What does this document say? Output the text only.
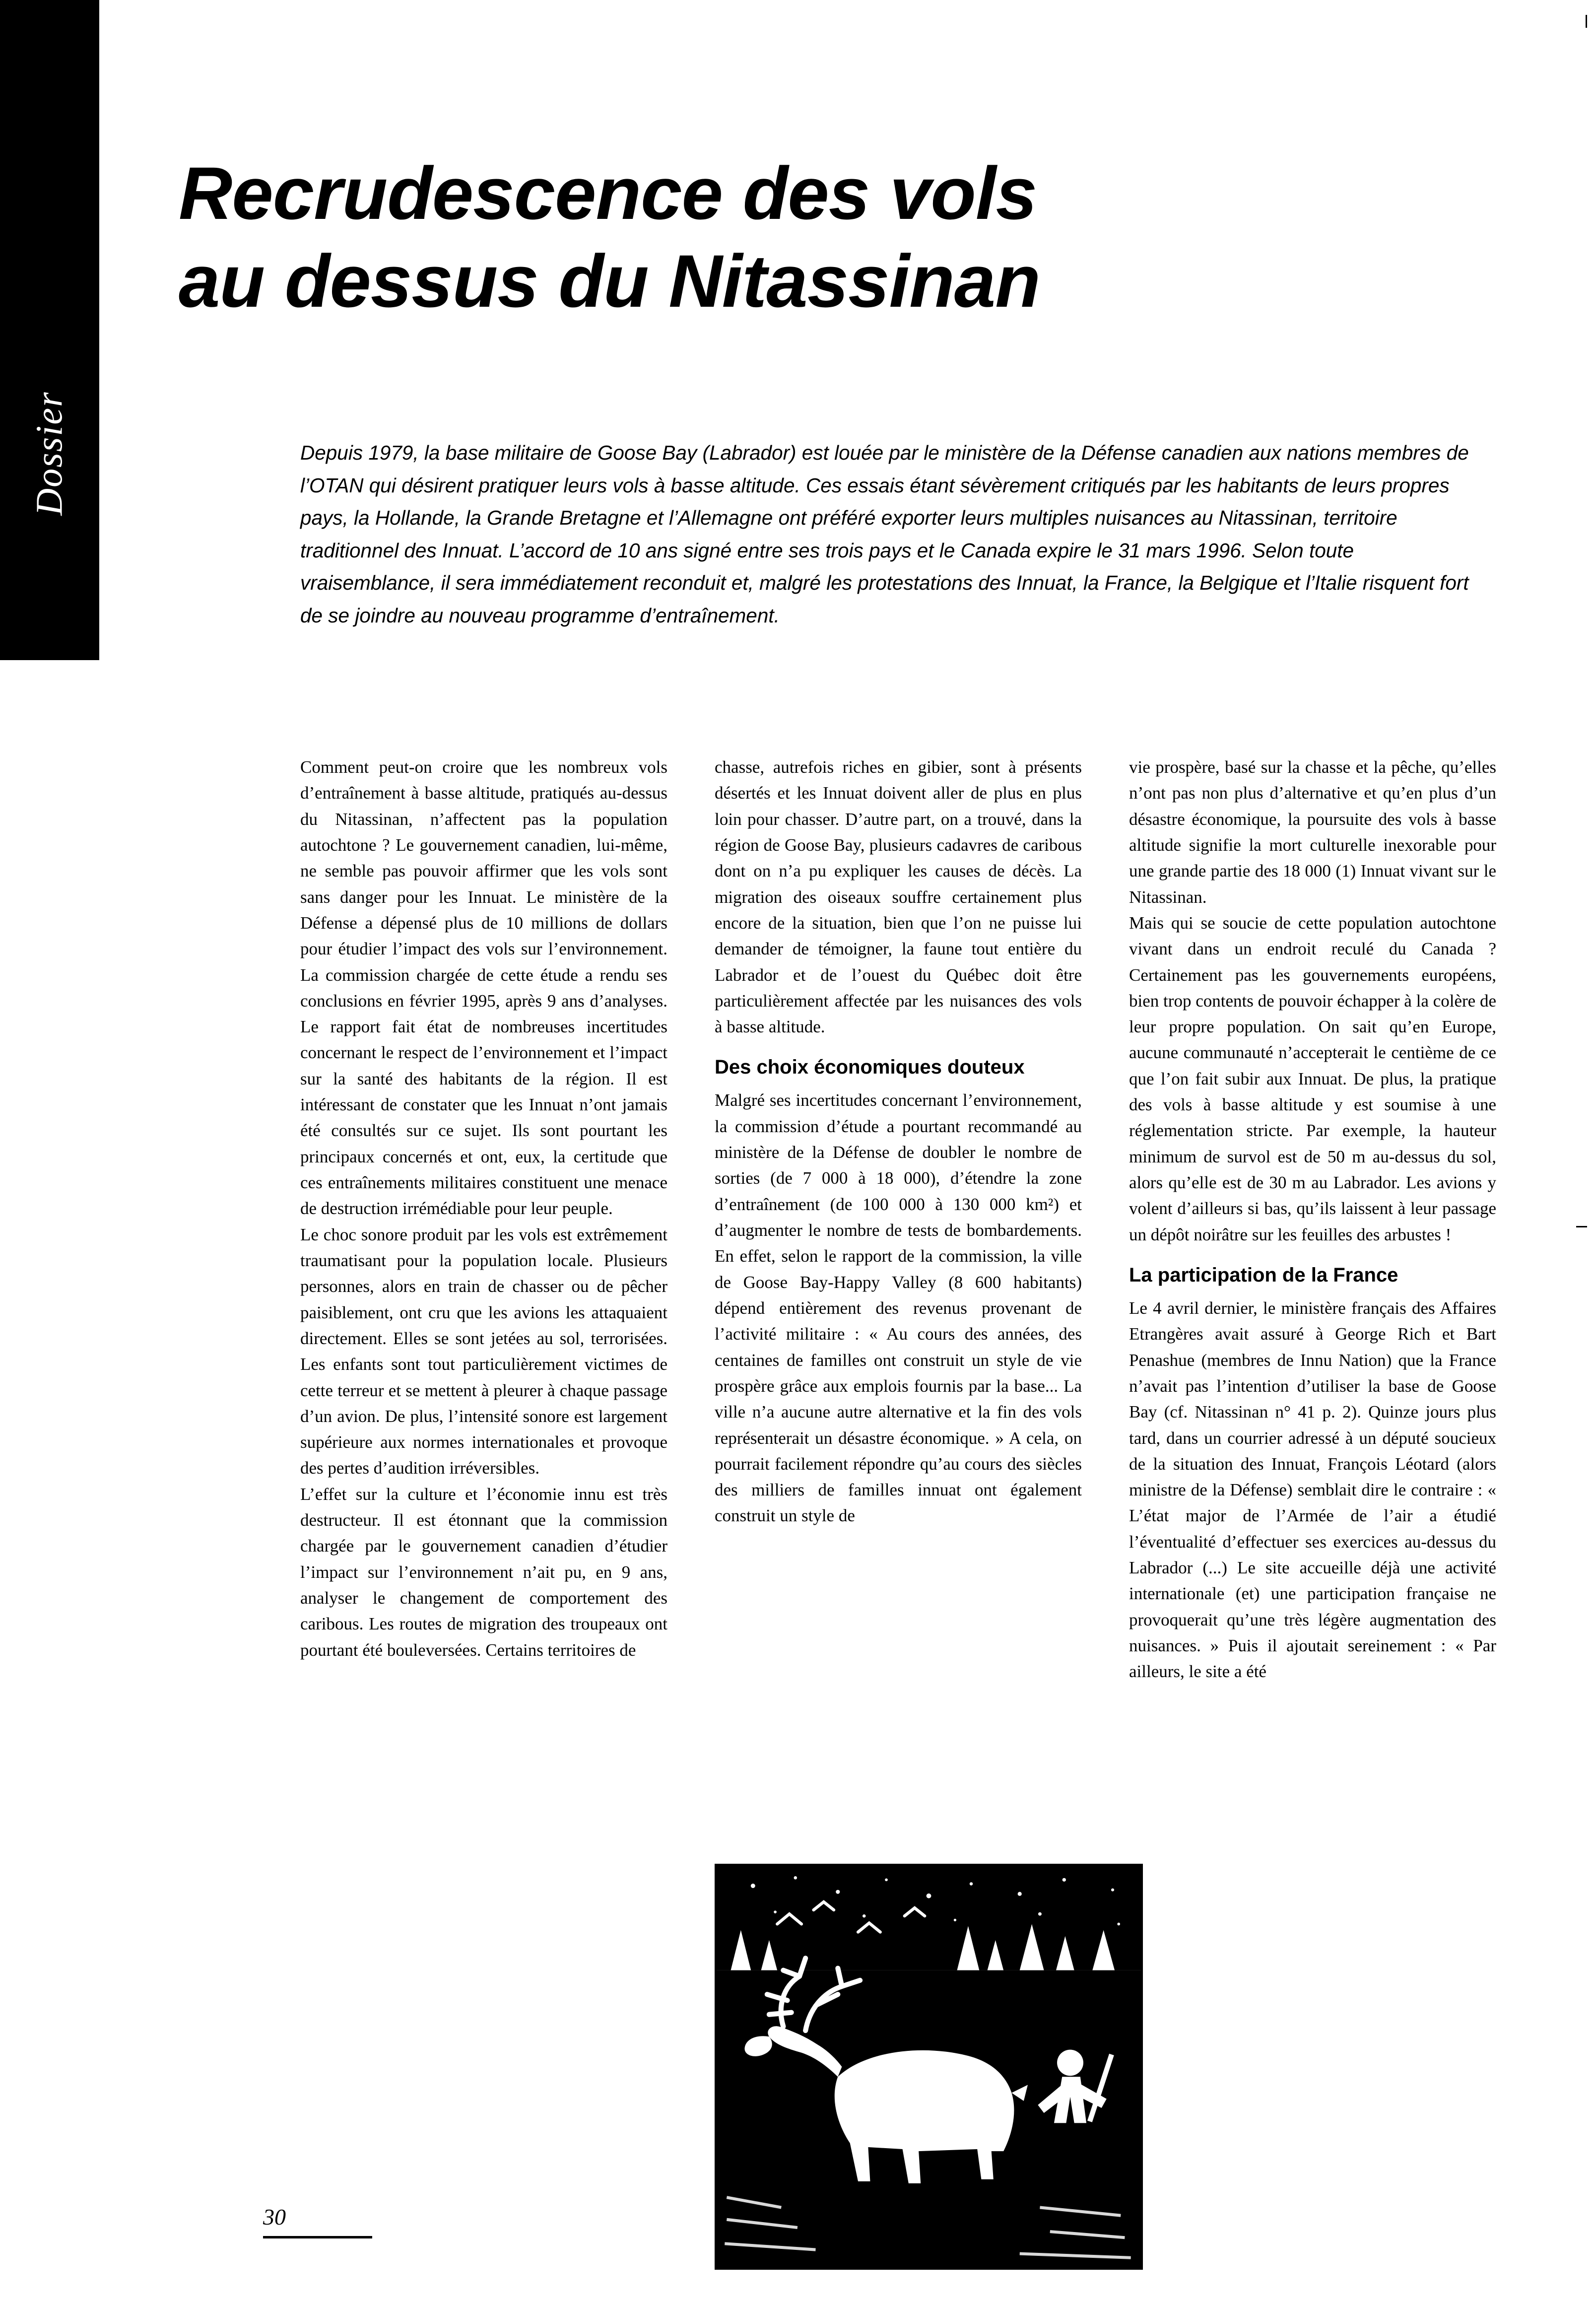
Dossier
Recrudescence des vols
au dessus du Nitassinan
Depuis 1979, la base militaire de Goose Bay (Labrador) est louée par le ministère de la Défense canadien aux nations membres de l’OTAN qui désirent pratiquer leurs vols à basse altitude. Ces essais étant sévèrement critiqués par les habitants de leurs propres pays, la Hollande, la Grande Bretagne et l’Allemagne ont préféré exporter leurs multiples nuisances au Nitassinan, territoire traditionnel des Innuat. L’accord de 10 ans signé entre ses trois pays et le Canada expire le 31 mars 1996. Selon toute vraisemblance, il sera immédiatement reconduit et, malgré les protestations des Innuat, la France, la Belgique et l’Italie risquent fort de se joindre au nouveau programme d’entraînement.

Comment peut-on croire que les nombreux vols d’entraînement à basse altitude, pratiqués au-dessus du Nitassinan, n’affectent pas la population autochtone ? Le gouvernement canadien, lui-même, ne semble pas pouvoir affirmer que les vols sont sans danger pour les Innuat. Le ministère de la Défense a dépensé plus de 10 millions de dollars pour étudier l’impact des vols sur l’environnement. La commission chargée de cette étude a rendu ses conclusions en février 1995, après 9 ans d’analyses. Le rapport fait état de nombreuses incertitudes concernant le respect de l’environnement et l’impact sur la santé des habitants de la région. Il est intéressant de constater que les Innuat n’ont jamais été consultés sur ce sujet. Ils sont pourtant les principaux concernés et ont, eux, la certitude que ces entraînements militaires constituent une menace de destruction irrémédiable pour leur peuple.

Le choc sonore produit par les vols est extrêmement traumatisant pour la population locale. Plusieurs personnes, alors en train de chasser ou de pêcher paisiblement, ont cru que les avions les attaquaient directement. Elles se sont jetées au sol, terrorisées. Les enfants sont tout particulièrement victimes de cette terreur et se mettent à pleurer à chaque passage d’un avion. De plus, l’intensité sonore est largement supérieure aux normes internationales et provoque des pertes d’audition irréversibles.

L’effet sur la culture et l’économie innu est très destructeur. Il est étonnant que la commission chargée par le gouvernement canadien d’étudier l’impact sur l’environnement n’ait pu, en 9 ans, analyser le changement de comportement des caribous. Les routes de migration des troupeaux ont pourtant été bouleversées. Certains territoires de

chasse, autrefois riches en gibier, sont à présents désertés et les Innuat doivent aller de plus en plus loin pour chasser. D’autre part, on a trouvé, dans la région de Goose Bay, plusieurs cadavres de caribous dont on n’a pu expliquer les causes de décès. La migration des oiseaux souffre certainement plus encore de la situation, bien que l’on ne puisse lui demander de témoigner, la faune tout entière du Labrador et de l’ouest du Québec doit être particulièrement affectée par les nuisances des vols à basse altitude.

Des choix économiques douteux

Malgré ses incertitudes concernant l’environnement, la commission d’étude a pourtant recommandé au ministère de la Défense de doubler le nombre de sorties (de 7 000 à 18 000), d’étendre la zone d’entraînement (de 100 000 à 130 000 km²) et d’augmenter le nombre de tests de bombardements. En effet, selon le rapport de la commission, la ville de Goose Bay-Happy Valley (8 600 habitants) dépend entièrement des revenus provenant de l’activité militaire : « Au cours des années, des centaines de familles ont construit un style de vie prospère grâce aux emplois fournis par la base... La ville n’a aucune autre alternative et la fin des vols représenterait un désastre économique. » A cela, on pourrait facilement répondre qu’au cours des siècles des milliers de familles innuat ont également construit un style de

vie prospère, basé sur la chasse et la pêche, qu’elles n’ont pas non plus d’alternative et qu’en plus d’un désastre économique, la poursuite des vols à basse altitude signifie la mort culturelle inexorable pour une grande partie des 18 000 (1) Innuat vivant sur le Nitassinan.

Mais qui se soucie de cette population autochtone vivant dans un endroit reculé du Canada ? Certainement pas les gouvernements européens, bien trop contents de pouvoir échapper à la colère de leur propre population. On sait qu’en Europe, aucune communauté n’accepterait le centième de ce que l’on fait subir aux Innuat. De plus, la pratique des vols à basse altitude y est soumise à une réglementation stricte. Par exemple, la hauteur minimum de survol est de 50 m au-dessus du sol, alors qu’elle est de 30 m au Labrador. Les avions y volent d’ailleurs si bas, qu’ils laissent à leur passage un dépôt noirâtre sur les feuilles des arbustes !

La participation de la France

Le 4 avril dernier, le ministère français des Affaires Etrangères avait assuré à George Rich et Bart Penashue (membres de Innu Nation) que la France n’avait pas l’intention d’utiliser la base de Goose Bay (cf. Nitassinan n° 41 p. 2). Quinze jours plus tard, dans un courrier adressé à un député soucieux de la situation des Innuat, François Léotard (alors ministre de la Défense) semblait dire le contraire : « L’état major de l’Armée de l’air a étudié l’éventualité d’effectuer ses exercices au-dessus du Labrador (...) Le site accueille déjà une activité internationale (et) une participation française ne provoquerait qu’une très légère augmentation des nuisances. » Puis il ajoutait sereinement : « Par ailleurs, le site a été

30
